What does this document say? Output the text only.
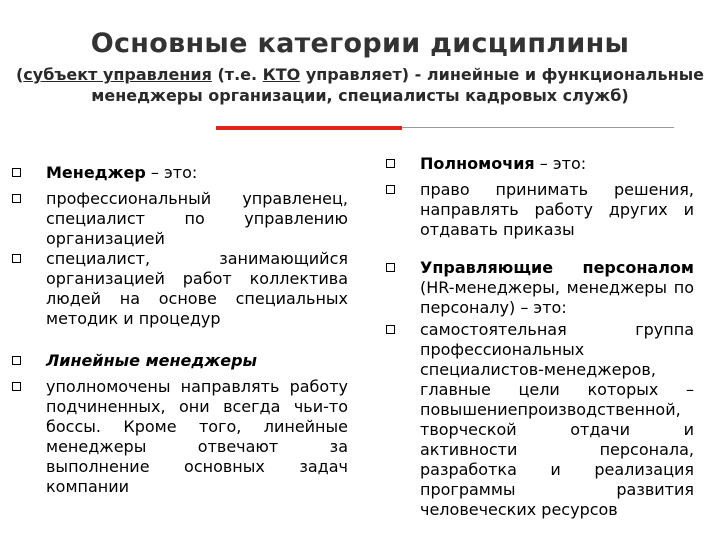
Основные категории дисциплины
(субъект управления (т.е. КТО управляет) - линейные и функциональные менеджеры организации, специалисты кадровых служб)
Менеджер – это:
профессиональный управленец, специалист по управлению организацией
специалист, занимающийся организацией работ коллектива людей на основе специальных методик и процедур
Линейные менеджеры
уполномочены направлять работу подчиненных, они всегда чьи-то боссы. Кроме того, линейные менеджеры отвечают за выполнение основных задач компании
Полномочия – это:
право принимать решения, направлять работу других и отдавать приказы
Управляющие персоналом (HR-менеджеры, менеджеры по персоналу) – это:
самостоятельная группа профессиональных специалистов-менеджеров, главные цели которых – повышениепроизводственной, творческой отдачи и активности персонала, разработка и реализация программы развития человеческих ресурсов
